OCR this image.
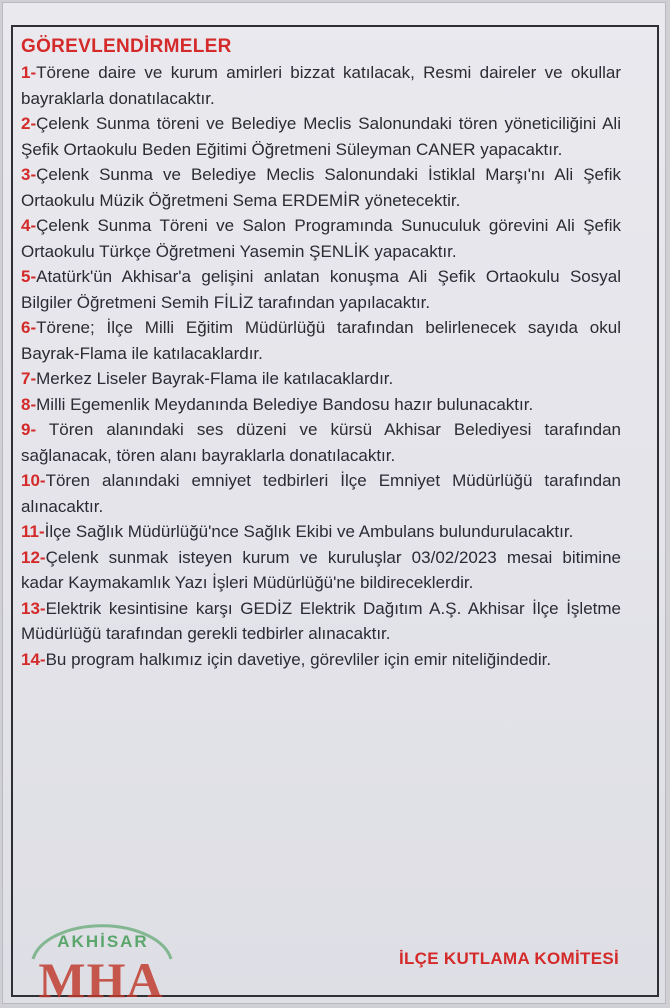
GÖREVLENDİRMELER
1-Törene daire ve kurum amirleri bizzat katılacak, Resmi daireler ve okullar bayraklarla donatılacaktır.
2-Çelenk Sunma töreni ve Belediye Meclis Salonundaki tören yöneticiliğini Ali Şefik Ortaokulu Beden Eğitimi Öğretmeni Süleyman CANER yapacaktır.
3-Çelenk Sunma ve Belediye Meclis Salonundaki İstiklal Marşı'nı Ali Şefik Ortaokulu Müzik Öğretmeni Sema ERDEMİR yönetecektir.
4-Çelenk Sunma Töreni ve Salon Programında Sunuculuk görevini Ali Şefik Ortaokulu Türkçe Öğretmeni Yasemin ŞENLİK yapacaktır.
5-Atatürk'ün Akhisar'a gelişini anlatan konuşma Ali Şefik Ortaokulu Sosyal Bilgiler Öğretmeni Semih FİLİZ tarafından yapılacaktır.
6-Törene; İlçe Milli Eğitim Müdürlüğü tarafından belirlenecek sayıda okul Bayrak-Flama ile katılacaklardır.
7-Merkez Liseler Bayrak-Flama ile katılacaklardır.
8-Milli Egemenlik Meydanında Belediye Bandosu hazır bulunacaktır.
9- Tören alanındaki ses düzeni ve kürsü Akhisar Belediyesi tarafından sağlanacak, tören alanı bayraklarla donatılacaktır.
10-Tören alanındaki emniyet tedbirleri İlçe Emniyet Müdürlüğü tarafından alınacaktır.
11-İlçe Sağlık Müdürlüğü'nce Sağlık Ekibi ve Ambulans bulundurulacaktır.
12-Çelenk sunmak isteyen kurum ve kuruluşlar 03/02/2023 mesai bitimine kadar Kaymakamlık Yazı İşleri Müdürlüğü'ne bildireceklerdir.
13-Elektrik kesintisine karşı GEDİZ Elektrik Dağıtım A.Ş. Akhisar İlçe İşletme Müdürlüğü tarafından gerekli tedbirler alınacaktır.
14-Bu program halkımız için davetiye, görevliler için emir niteliğindedir.
İLÇE KUTLAMA KOMİTESİ
AKHİSAR
MHA
